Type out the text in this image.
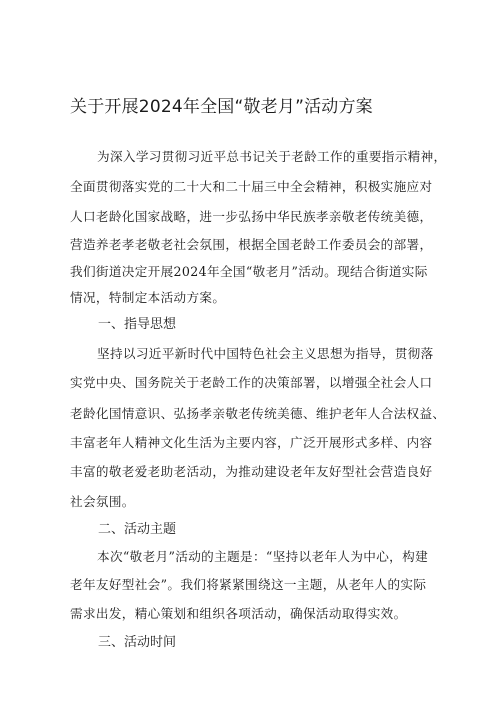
关于开展2024年全国“敬老月”活动方案
为深入学习贯彻习近平总书记关于老龄工作的重要指示精神，
全面贯彻落实党的二十大和二十届三中全会精神，积极实施应对
人口老龄化国家战略，进一步弘扬中华民族孝亲敬老传统美德，
营造养老孝老敬老社会氛围，根据全国老龄工作委员会的部署，
我们街道决定开展2024年全国“敬老月”活动。现结合街道实际
情况，特制定本活动方案。
一、指导思想
坚持以习近平新时代中国特色社会主义思想为指导，贯彻落
实党中央、国务院关于老龄工作的决策部署，以增强全社会人口
老龄化国情意识、弘扬孝亲敬老传统美德、维护老年人合法权益、
丰富老年人精神文化生活为主要内容，广泛开展形式多样、内容
丰富的敬老爱老助老活动，为推动建设老年友好型社会营造良好
社会氛围。
二、活动主题
本次“敬老月”活动的主题是：“坚持以老年人为中心，构建
老年友好型社会”。我们将紧紧围绕这一主题，从老年人的实际
需求出发，精心策划和组织各项活动，确保活动取得实效。
三、活动时间
